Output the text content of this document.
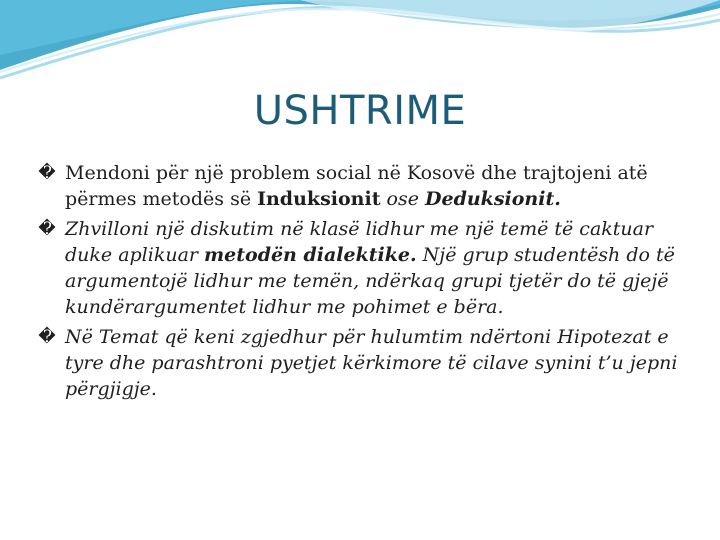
USHTRIME
� Mendoni për një problem social në Kosovë dhe trajtojeni atë përmes metodës së Induksionit ose Deduksionit.
� Zhvilloni një diskutim në klasë lidhur me një temë të caktuar duke aplikuar metodën dialektike. Një grup studentësh do të argumentojë lidhur me temën, ndërkaq grupi tjetër do të gjejë kundërargumentet lidhur me pohimet e bëra.
� Në Temat që keni zgjedhur për hulumtim ndërtoni Hipotezat e tyre dhe parashtroni pyetjet kërkimore të cilave synini t’u jepni përgjigje.
